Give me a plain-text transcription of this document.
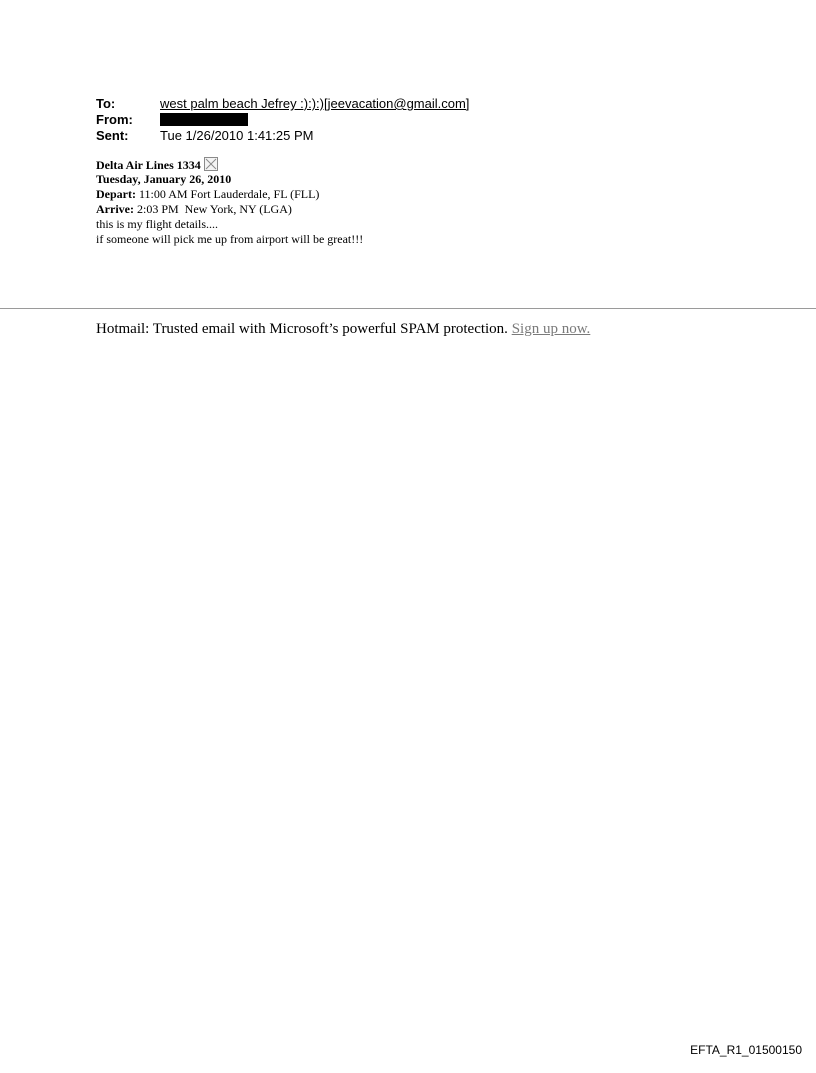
To:	west palm beach Jefrey :):):)[jeevacation@gmail.com]
From:
Sent:	Tue 1/26/2010 1:41:25 PM
Delta Air Lines 1334
Tuesday, January 26, 2010
Depart: 11:00 AM Fort Lauderdale, FL (FLL)
Arrive: 2:03 PM  New York, NY (LGA)
this is my flight details....
if someone will pick me up from airport will be great!!!
Hotmail: Trusted email with Microsoft’s powerful SPAM protection. Sign up now.
EFTA_R1_01500150
